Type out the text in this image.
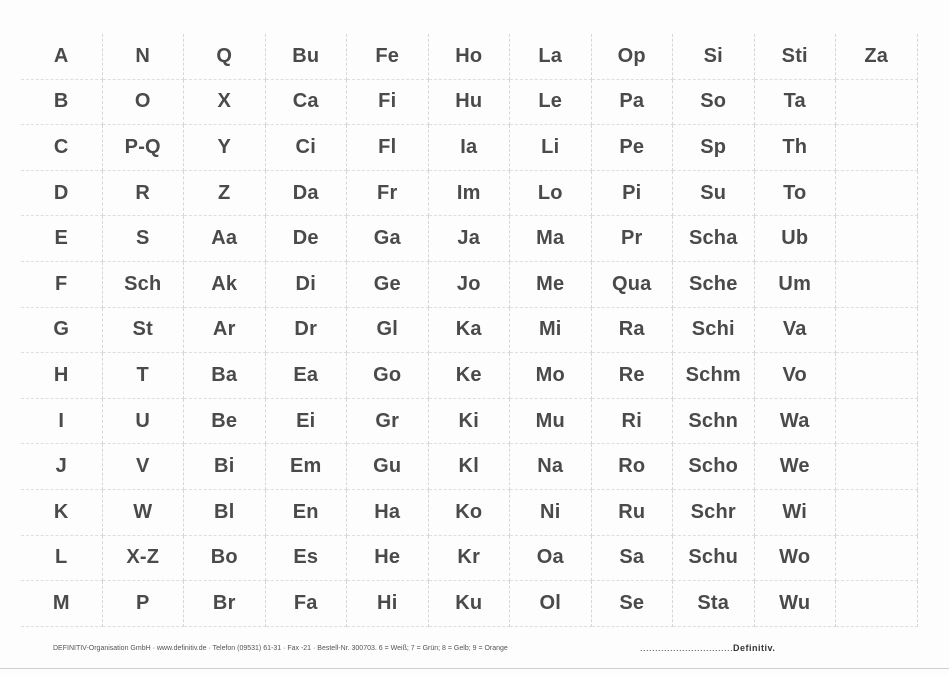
A	N	Q	Bu	Fe	Ho	La	Op	Si	Sti	Za
B	O	X	Ca	Fi	Hu	Le	Pa	So	Ta
C	P-Q	Y	Ci	Fl	Ia	Li	Pe	Sp	Th
D	R	Z	Da	Fr	Im	Lo	Pi	Su	To
E	S	Aa	De	Ga	Ja	Ma	Pr	Scha	Ub
F	Sch	Ak	Di	Ge	Jo	Me	Qua	Sche	Um
G	St	Ar	Dr	Gl	Ka	Mi	Ra	Schi	Va
H	T	Ba	Ea	Go	Ke	Mo	Re	Schm	Vo
I	U	Be	Ei	Gr	Ki	Mu	Ri	Schn	Wa
J	V	Bi	Em	Gu	Kl	Na	Ro	Scho	We
K	W	Bl	En	Ha	Ko	Ni	Ru	Schr	Wi
L	X-Z	Bo	Es	He	Kr	Oa	Sa	Schu	Wo
M	P	Br	Fa	Hi	Ku	Ol	Se	Sta	Wu
DEFINITIV-Organisation GmbH · www.definitiv.de · Telefon (09531) 61-31 · Fax -21 · Bestell-Nr. 300703. 6 = Weiß; 7 = Grün; 8 = Gelb; 9 = Orange	...............................Definitiv.
